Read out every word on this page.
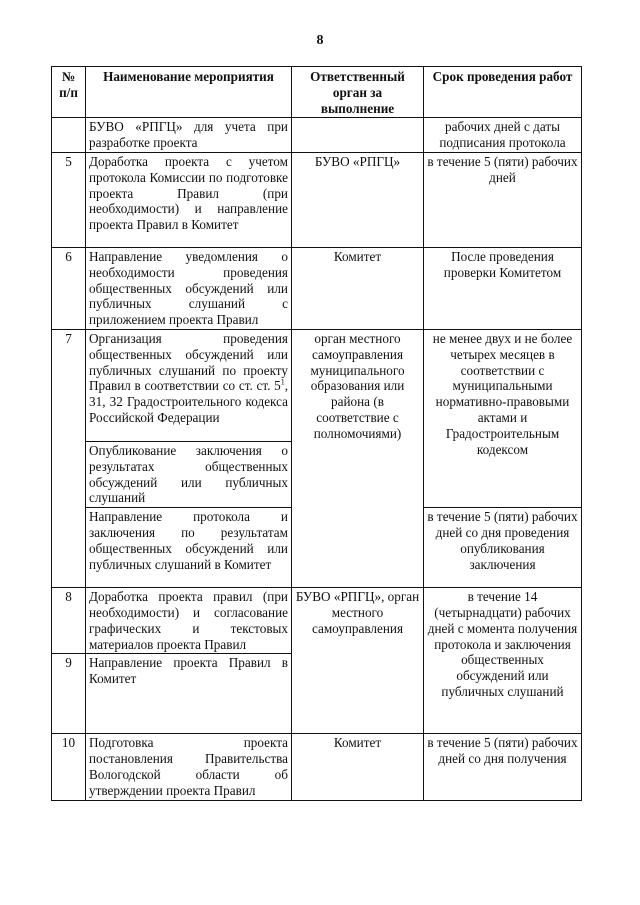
8
№ п/п	Наименование мероприятия	Ответственный орган за выполнение	Срок проведения работ
	БУВО «РПГЦ» для учета при разработке проекта		рабочих дней с даты подписания протокола
5	Доработка проекта с учетом протокола Комиссии по подготовке проекта Правил (при необходимости) и направление проекта Правил в Комитет	БУВО «РПГЦ»	в течение 5 (пяти) рабочих дней
6	Направление уведомления о необходимости проведения общественных обсуждений или публичных слушаний с приложением проекта Правил	Комитет	После проведения проверки Комитетом
7	Организация проведения общественных обсуждений или публичных слушаний по проекту Правил в соответствии со ст. ст. $5^1$, 31, 32 Градостроительного кодекса Российской Федерации	орган местного самоуправления муниципального образования или района (в соответствие с полномочиями)	не менее двух и не более четырех месяцев в соответствии с муниципальными нормативно-правовыми актами и Градостроительным кодексом
	Опубликование заключения о результатах общественных обсуждений или публичных слушаний		
	Направление протокола и заключения по результатам общественных обсуждений или публичных слушаний в Комитет		в течение 5 (пяти) рабочих дней со дня проведения опубликования заключения
8	Доработка проекта правил (при необходимости) и согласование графических и текстовых материалов проекта Правил	БУВО «РПГЦ», орган местного самоуправления	в течение 14 (четырнадцати) рабочих дней с момента получения протокола и заключения общественных обсуждений или публичных слушаний
9	Направление проекта Правил в Комитет		
10	Подготовка проекта постановления Правительства Вологодской области об утверждении проекта Правил	Комитет	в течение 5 (пяти) рабочих дней со дня получения
